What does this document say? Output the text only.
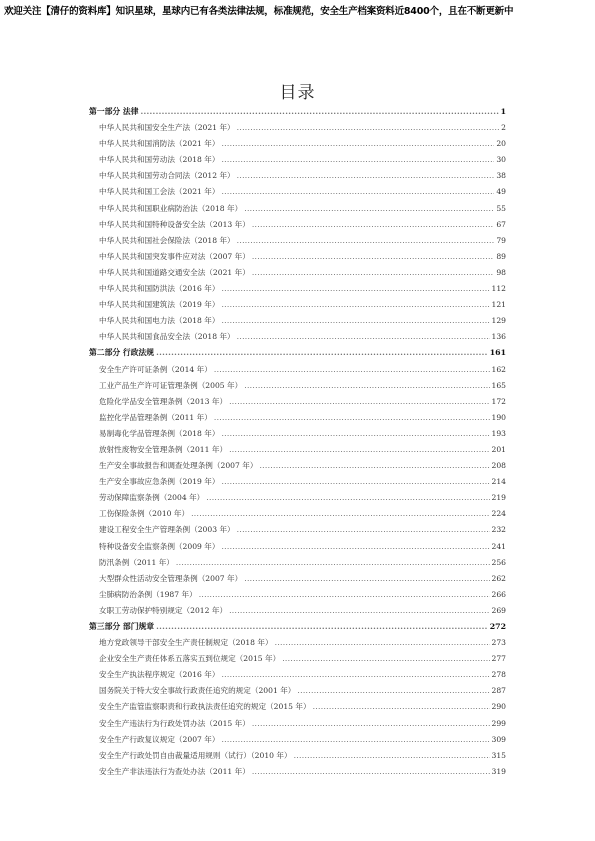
欢迎关注【清仔的资料库】知识星球，星球内已有各类法律法规，标准规范，安全生产档案资料近8400个，且在不断更新中
目录
第一部分 法律 .....	1
中华人民共和国安全生产法（2021 年） .....	2
中华人民共和国消防法（2021 年） .....	20
中华人民共和国劳动法（2018 年） .....	30
中华人民共和国劳动合同法（2012 年） .....	38
中华人民共和国工会法（2021 年） .....	49
中华人民共和国职业病防治法（2018 年） .....	55
中华人民共和国特种设备安全法（2013 年） .....	67
中华人民共和国社会保险法（2018 年） .....	79
中华人民共和国突发事件应对法（2007 年） .....	89
中华人民共和国道路交通安全法（2021 年） .....	98
中华人民共和国防洪法（2016 年） .....	112
中华人民共和国建筑法（2019 年） .....	121
中华人民共和国电力法（2018 年） .....	129
中华人民共和国食品安全法（2018 年） .....	136
第二部分 行政法规 .....	161
安全生产许可证条例（2014 年） .....	162
工业产品生产许可证管理条例（2005 年） .....	165
危险化学品安全管理条例（2013 年） .....	172
监控化学品管理条例（2011 年） .....	190
易制毒化学品管理条例（2018 年） .....	193
放射性废物安全管理条例（2011 年） .....	201
生产安全事故报告和调查处理条例（2007 年） .....	208
生产安全事故应急条例（2019 年） .....	214
劳动保障监察条例（2004 年） .....	219
工伤保险条例（2010 年） .....	224
建设工程安全生产管理条例（2003 年） .....	232
特种设备安全监察条例（2009 年） .....	241
防汛条例（2011 年） .....	256
大型群众性活动安全管理条例（2007 年） .....	262
尘肺病防治条例（1987 年） .....	266
女职工劳动保护特别规定（2012 年） .....	269
第三部分 部门规章 .....	272
地方党政领导干部安全生产责任制规定（2018 年） .....	273
企业安全生产责任体系五落实五到位规定（2015 年） .....	277
安全生产执法程序规定（2016 年） .....	278
国务院关于特大安全事故行政责任追究的规定（2001 年） .....	287
安全生产监管监察职责和行政执法责任追究的规定（2015 年） .....	290
安全生产违法行为行政处罚办法（2015 年） .....	299
安全生产行政复议规定（2007 年） .....	309
安全生产行政处罚自由裁量适用规则（试行）（2010 年） .....	315
安全生产非法违法行为查处办法（2011 年） .....	319
